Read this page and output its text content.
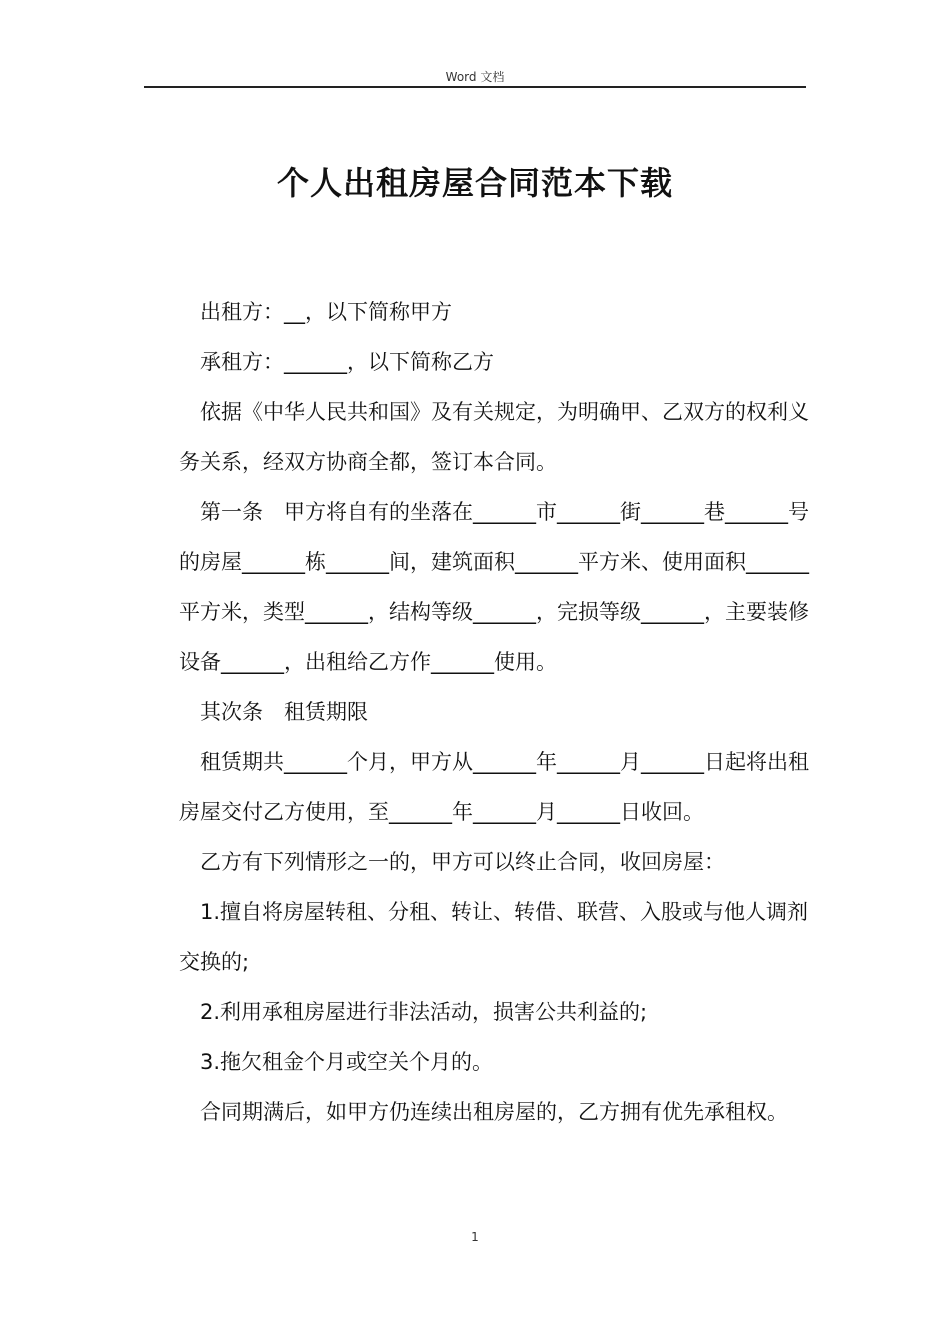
Word 文档
个人出租房屋合同范本下载

出租方：__，以下简称甲方

承租方：______，以下简称乙方

依据《中华人民共和国》及有关规定，为明确甲、乙双方的权利义务关系，经双方协商全都，签订本合同。

第一条　甲方将自有的坐落在______市______街______巷______号的房屋______栋______间，建筑面积______平方米、使用面积______平方米，类型______，结构等级______，完损等级______，主要装修设备______，出租给乙方作______使用。

其次条　租赁期限

租赁期共______个月，甲方从______年______月______日起将出租房屋交付乙方使用，至______年______月______日收回。

乙方有下列情形之一的，甲方可以终止合同，收回房屋：

1.擅自将房屋转租、分租、转让、转借、联营、入股或与他人调剂交换的;

2.利用承租房屋进行非法活动，损害公共利益的;

3.拖欠租金个月或空关个月的。

合同期满后，如甲方仍连续出租房屋的，乙方拥有优先承租权。

1
